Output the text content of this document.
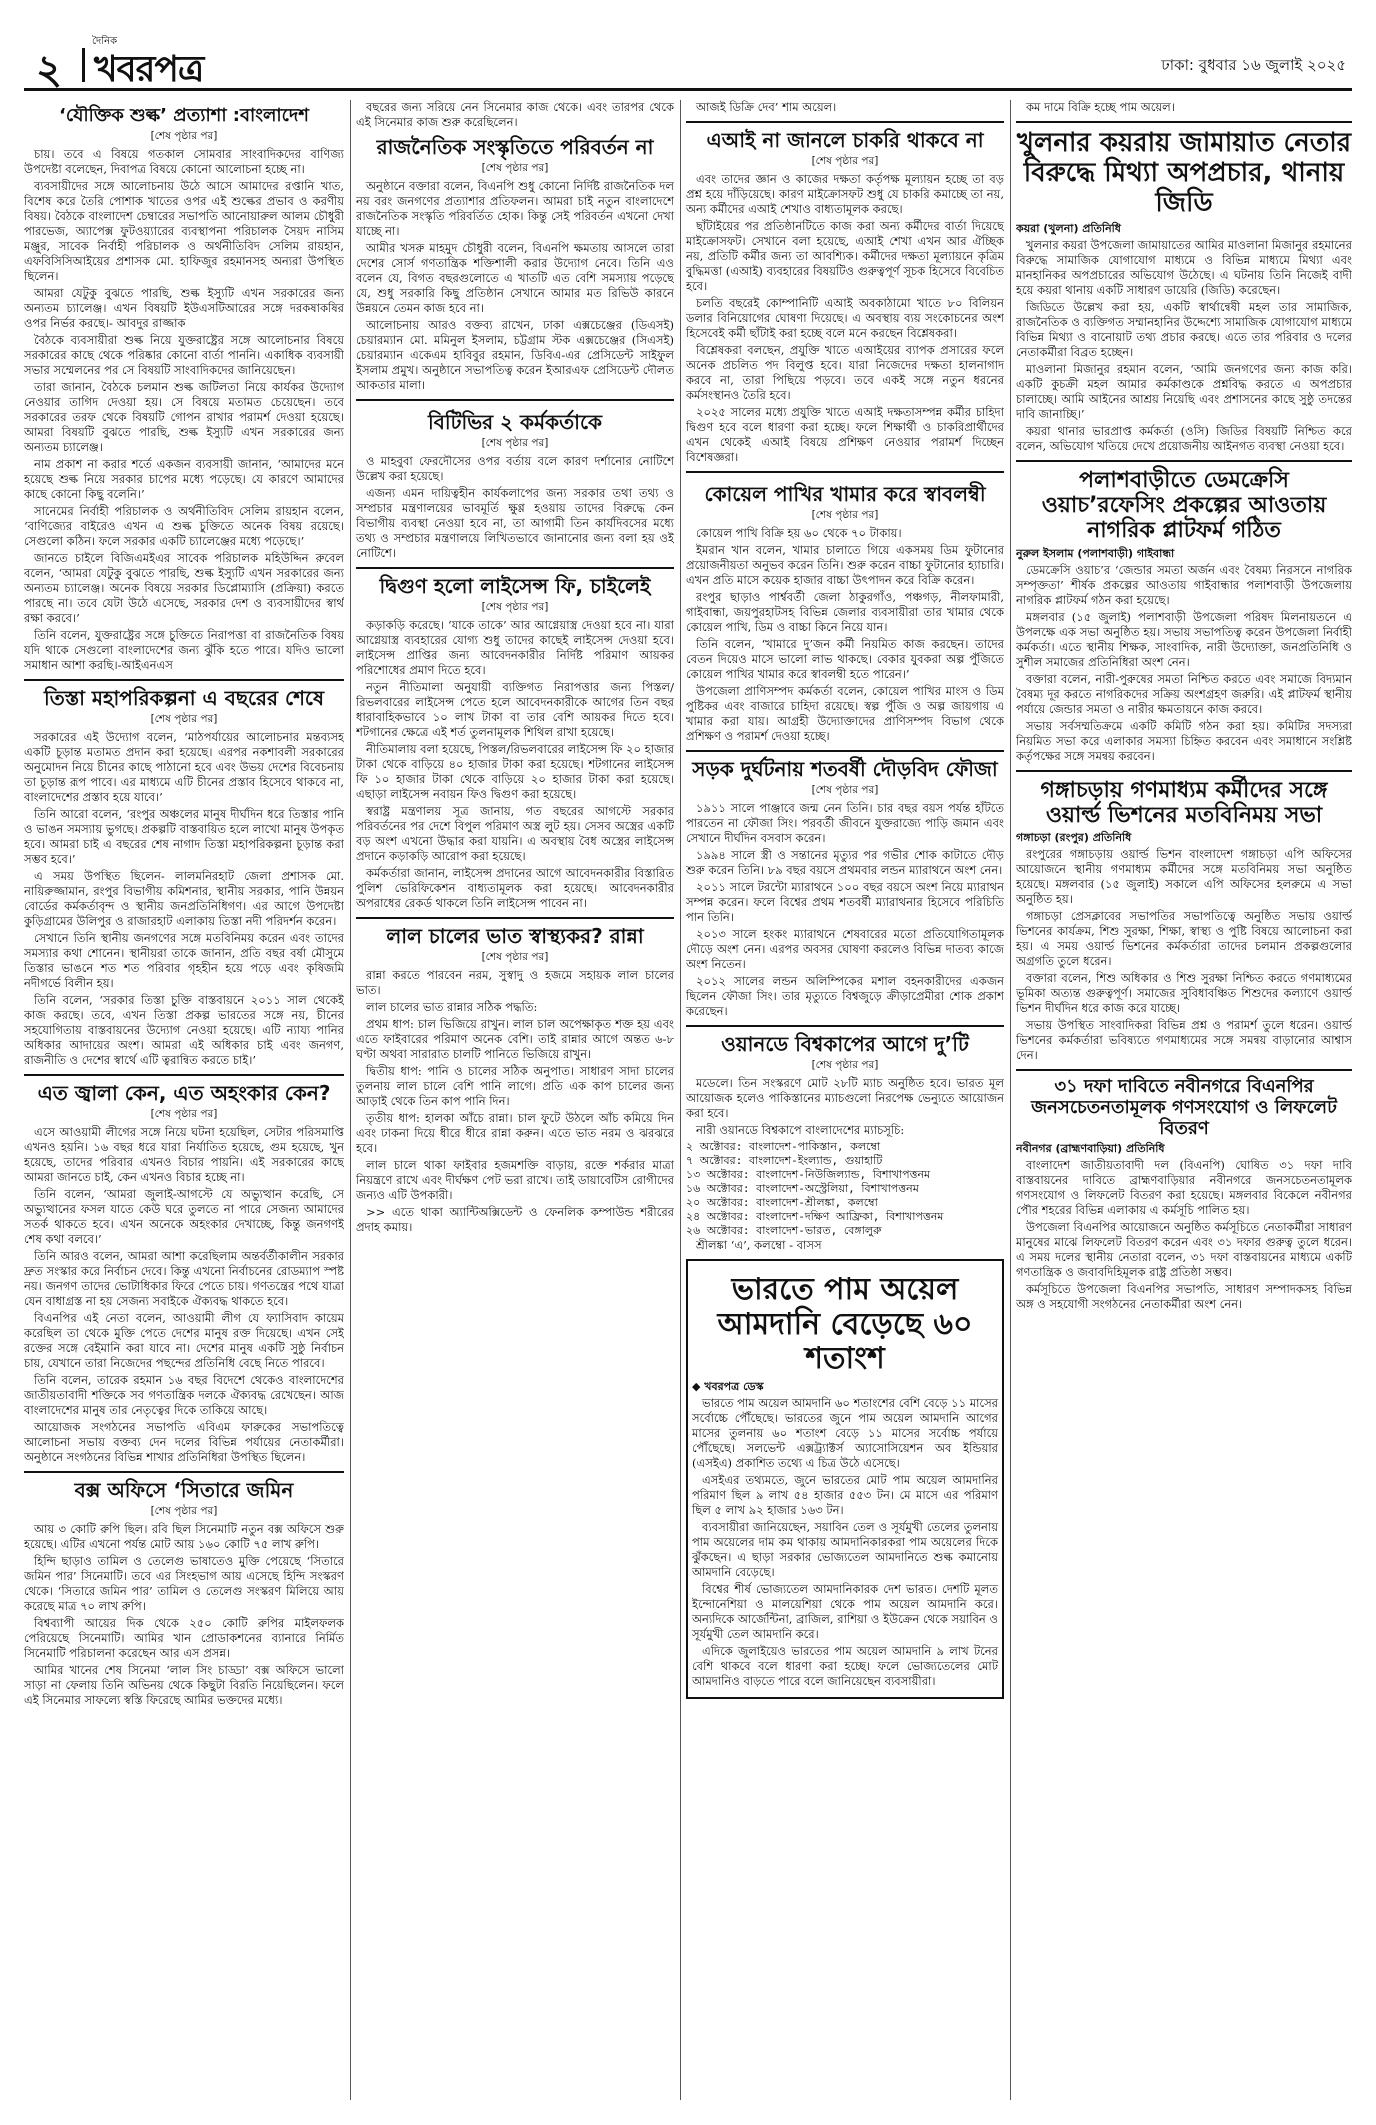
২
দৈনিক
খবরপত্র	ঢাকা: বুধবার ১৬ জুলাই ২০২৫
‘যৌক্তিক শুল্ক’ প্রত্যাশা :বাংলাদেশ
[শেষ পৃষ্ঠার পর]

চায়। তবে এ বিষয়ে গতকাল সোমবার সাংবাদিকদের বাণিজ্য উপদেষ্টা বলেছেন, দিবাপত্র বিষয়ে কোনো আলোচনা হচ্ছে না।

ব্যবসায়ীদের সঙ্গে আলোচনায় উঠে আসে আমাদের রপ্তানি খাত, বিশেষ করে তৈরি পোশাক খাতের ওপর এই শুল্কের প্রভাব ও করণীয় বিষয়। বৈঠকে বাংলাদেশ চেম্বারের সভাপতি আনোয়ারুল আলম চৌধুরী পারভেজ, অ্যাপেক্স ফুটওয়্যারের ব্যবস্থাপনা পরিচালক সৈয়দ নাসিম মঞ্জুর, সাবেক নির্বাহী পরিচালক ও অর্থনীতিবিদ সেলিম রায়হান, এফবিসিসিআইয়ের প্রশাসক মো. হাফিজুর রহমানসহ অন্যরা উপস্থিত ছিলেন।

আমরা যেটুকু বুঝতে পারছি, শুল্ক ইস্যুটি এখন সরকারের জন্য অন্যতম চ্যালেঞ্জ। এখন বিষয়টি ইউএসটিআরের সঙ্গে দরকষাকষির ওপর নির্ভর করছে।- আবদুর রাজ্জাক

বৈঠকে ব্যবসায়ীরা শুল্ক নিয়ে যুক্তরাষ্ট্রের সঙ্গে আলোচনার বিষয়ে সরকারের কাছে থেকে পরিষ্কার কোনো বার্তা পাননি। একাধিক ব্যবসায়ী সভার সম্মেলনের পর সে বিষয়টি সাংবাদিকদের জানিয়েছেন।

তারা জানান, বৈঠকে চলমান শুল্ক জটিলতা নিয়ে কার্যকর উদ্যোগ নেওয়ার তাগিদ দেওয়া হয়। সে বিষয়ে মতামত চেয়েছেন। তবে সরকারের তরফ থেকে বিষয়টি গোপন রাখার পরামর্শ দেওয়া হয়েছে। আমরা বিষয়টি বুঝতে পারছি, শুল্ক ইস্যুটি এখন সরকারের জন্য অন্যতম চ্যালেঞ্জ।

নাম প্রকাশ না করার শর্তে একজন ব্যবসায়ী জানান, ‘আমাদের মনে হয়েছে শুল্ক নিয়ে সরকার চাপের মধ্যে পড়েছে। যে কারণে আমাদের কাছে কোনো কিছু বলেনি।’

সানেমের নির্বাহী পরিচালক ও অর্থনীতিবিদ সেলিম রায়হান বলেন, ‘বাণিজ্যের বাইরেও এখন এ শুল্ক চুক্তিতে অনেক বিষয় রয়েছে। সেগুলো কঠিন। ফলে সরকার একটি চ্যালেঞ্জের মধ্যে পড়েছে।’

জানতে চাইলে বিজিএমইএর সাবেক পরিচালক মহিউদ্দিন রুবেল বলেন, ‘আমরা যেটুকু বুঝতে পারছি, শুল্ক ইস্যুটি এখন সরকারের জন্য অন্যতম চ্যালেঞ্জ। অনেক বিষয়ে সরকার ডিপ্লোম্যাসি (প্রক্রিয়া) করতে পারছে না। তবে যেটা উঠে এসেছে, সরকার দেশ ও ব্যবসায়ীদের স্বার্থ রক্ষা করবে।’

তিনি বলেন, যুক্তরাষ্ট্রের সঙ্গে চুক্তিতে নিরাপত্তা বা রাজনৈতিক বিষয় যদি থাকে সেগুলো বাংলাদেশের জন্য ঝুঁকি হতে পারে। যদিও ভালো সমাধান আশা করছি।-আইএনএস

তিস্তা মহাপরিকল্পনা এ বছরের শেষে
[শেষ পৃষ্ঠার পর]

সরকারের এই উদ্যোগ বলেন, ‘মাঠপর্যায়ের আলোচনার মন্তব্যসহ একটি চূড়ান্ত মতামত প্রদান করা হয়েছে। এরপর নকশাবলী সরকারের অনুমোদন নিয়ে চীনের কাছে পাঠানো হবে এবং উভয় দেশের বিবেচনায় তা চূড়ান্ত রূপ পাবে। এর মাধ্যমে এটি চীনের প্রস্তাব হিসেবে থাকবে না, বাংলাদেশের প্রস্তাব হয়ে যাবে।’

তিনি আরো বলেন, ‘রংপুর অঞ্চলের মানুষ দীর্ঘদিন ধরে তিস্তার পানি ও ভাঙন সমস্যায় ভুগছে। প্রকল্পটি বাস্তবায়িত হলে লাখো মানুষ উপকৃত হবে। আমরা চাই এ বছরের শেষ নাগাদ তিস্তা মহাপরিকল্পনা চূড়ান্ত করা সম্ভব হবে।’

এ সময় উপস্থিত ছিলেন- লালমনিরহাট জেলা প্রশাসক মো. নায়িরুজ্জামান, রংপুর বিভাগীয় কমিশনার, স্থানীয় সরকার, পানি উন্নয়ন বোর্ডের কর্মকর্তাবৃন্দ ও স্থানীয় জনপ্রতিনিধিগণ। এর আগে উপদেষ্টা কুড়িগ্রামের উলিপুর ও রাজারহাট এলাকায় তিস্তা নদী পরিদর্শন করেন।

সেখানে তিনি স্থানীয় জনগণের সঙ্গে মতবিনিময় করেন এবং তাদের সমস্যার কথা শোনেন। স্থানীয়রা তাকে জানান, প্রতি বছর বর্ষা মৌসুমে তিস্তার ভাঙনে শত শত পরিবার গৃহহীন হয়ে পড়ে এবং কৃষিজমি নদীগর্ভে বিলীন হয়।

তিনি বলেন, ‘সরকার তিস্তা চুক্তি বাস্তবায়নে ২০১১ সাল থেকেই কাজ করছে। তবে, এখন তিস্তা প্রকল্প ভারতের সঙ্গে নয়, চীনের সহযোগিতায় বাস্তবায়নের উদ্যোগ নেওয়া হয়েছে। এটি ন্যায্য পানির অধিকার আদায়ের অংশ। আমরা এই অধিকার চাই এবং জনগণ, রাজনীতি ও দেশের স্বার্থে এটি ত্বরান্বিত করতে চাই।’

এত জ্বালা কেন, এত অহংকার কেন?
[শেষ পৃষ্ঠার পর]

এসে আওয়ামী লীগের সঙ্গে নিয়ে ঘটনা হয়েছিল, সেটার পরিসমাপ্তি এখনও হয়নি। ১৬ বছর ধরে যারা নির্যাতিত হয়েছে, গুম হয়েছে, খুন হয়েছে, তাদের পরিবার এখনও বিচার পায়নি। এই সরকারের কাছে আমরা জানতে চাই, কেন এখনও বিচার হচ্ছে না।

তিনি বলেন, ‘আমরা জুলাই-আগস্টে যে অভ্যুত্থান করেছি, সে অভ্যুত্থানের ফসল যাতে কেউ ঘরে তুলতে না পারে সেজন্য আমাদের সতর্ক থাকতে হবে। এখন অনেকে অহংকার দেখাচ্ছে, কিন্তু জনগণই শেষ কথা বলবে।’

তিনি আরও বলেন, আমরা আশা করেছিলাম অন্তর্বর্তীকালীন সরকার দ্রুত সংস্কার করে নির্বাচন দেবে। কিন্তু এখনো নির্বাচনের রোডম্যাপ স্পষ্ট নয়। জনগণ তাদের ভোটাধিকার ফিরে পেতে চায়। গণতন্ত্রের পথে যাত্রা যেন বাধাগ্রস্ত না হয় সেজন্য সবাইকে ঐক্যবদ্ধ থাকতে হবে।

বিএনপির এই নেতা বলেন, আওয়ামী লীগ যে ফ্যাসিবাদ কায়েম করেছিল তা থেকে মুক্তি পেতে দেশের মানুষ রক্ত দিয়েছে। এখন সেই রক্তের সঙ্গে বেইমানি করা যাবে না। দেশের মানুষ একটি সুষ্ঠু নির্বাচন চায়, যেখানে তারা নিজেদের পছন্দের প্রতিনিধি বেছে নিতে পারবে।

তিনি বলেন, তারেক রহমান ১৬ বছর বিদেশে থেকেও বাংলাদেশের জাতীয়তাবাদী শক্তিকে সব গণতান্ত্রিক দলকে ঐক্যবদ্ধ রেখেছেন। আজ বাংলাদেশের মানুষ তার নেতৃত্বের দিকে তাকিয়ে আছে।

আয়োজক সংগঠনের সভাপতি এবিএম ফারুকের সভাপতিত্বে আলোচনা সভায় বক্তব্য দেন দলের বিভিন্ন পর্যায়ের নেতাকর্মীরা। অনুষ্ঠানে সংগঠনের বিভিন্ন শাখার প্রতিনিধিরা উপস্থিত ছিলেন।

বক্স অফিসে ‘সিতারে জমিন
[শেষ পৃষ্ঠার পর]

আয় ৩ কোটি রুপি ছিল। রবি ছিল সিনেমাটি নতুন বক্স অফিসে শুরু হয়েছে। এটির এখনো পর্যন্ত মোট আয় ১৬০ কোটি ৭৫ লাখ রুপি।

হিন্দি ছাড়াও তামিল ও তেলেগু ভাষাতেও মুক্তি পেয়েছে ‘সিতারে জমিন পার’ সিনেমাটি। তবে এর সিংহভাগ আয় এসেছে হিন্দি সংস্করণ থেকে। ‘সিতারে জমিন পার’ তামিল ও তেলেগু সংস্করণ মিলিয়ে আয় করেছে মাত্র ৭০ লাখ রুপি।

বিশ্বব্যাপী আয়ের দিক থেকে ২৫০ কোটি রুপির মাইলফলক পেরিয়েছে সিনেমাটি। আমির খান প্রোডাকশনের ব্যানারে নির্মিত সিনেমাটি পরিচালনা করেছেন আর এস প্রসন্ন।

আমির খানের শেষ সিনেমা ‘লাল সিং চাড্ডা’ বক্স অফিসে ভালো সাড়া না ফেলায় তিনি অভিনয় থেকে কিছুটা বিরতি নিয়েছিলেন। ফলে এই সিনেমার সাফল্যে স্বস্তি ফিরেছে আমির ভক্তদের মধ্যে।

বছরের জন্য সরিয়ে নেন সিনেমার কাজ থেকে। এবং তারপর থেকে এই সিনেমার কাজ শুরু করেছিলেন।

রাজনৈতিক সংস্কৃতিতে পরিবর্তন না
[শেষ পৃষ্ঠার পর]

অনুষ্ঠানে বক্তারা বলেন, বিএনপি শুধু কোনো নির্দিষ্ট রাজনৈতিক দল নয় বরং জনগণের প্রত্যাশার প্রতিফলন। আমরা চাই নতুন বাংলাদেশে রাজনৈতিক সংস্কৃতি পরিবর্তিত হোক। কিন্তু সেই পরিবর্তন এখনো দেখা যাচ্ছে না।

আমীর খসরু মাহমুদ চৌধুরী বলেন, বিএনপি ক্ষমতায় আসলে তারা দেশের সোর্স গণতান্ত্রিক শক্তিশালী করার উদ্যোগ নেবে। তিনি এও বলেন যে, বিগত বছরগুলোতে এ খাতটি এত বেশি সমস্যায় পড়েছে যে, শুধু সরকারি কিছু প্রতিষ্ঠান সেখানে আমার মত রিভিউ কারনে উন্নয়নে তেমন কাজ হবে না।

আলোচনায় আরও বক্তব্য রাখেন, ঢাকা এক্সচেঞ্জের (ডিএসই) চেয়ারম্যান মো. মমিনুল ইসলাম, চট্টগ্রাম স্টক এক্সচেঞ্জের (সিএসই) চেয়ারম্যান একেএম হাবিবুর রহমান, ডিবিএ-এর প্রেসিডেন্ট সাইফুল ইসলাম প্রমুখ। অনুষ্ঠানে সভাপতিত্ব করেন ইআরএফ প্রেসিডেন্ট দৌলত আকতার মালা।

বিটিভির ২ কর্মকর্তাকে
[শেষ পৃষ্ঠার পর]

ও মাহবুবা ফেরদৌসের ওপর বর্তায় বলে কারণ দর্শানোর নোটিশে উল্লেখ করা হয়েছে।

এজন্য এমন দায়িত্বহীন কার্যকলাপের জন্য সরকার তথা তথ্য ও সম্প্রচার মন্ত্রণালয়ের ভাবমূর্তি ক্ষুণ্ণ হওয়ায় তাদের বিরুদ্ধে কেন বিভাগীয় ব্যবস্থা নেওয়া হবে না, তা আগামী তিন কার্যদিবসের মধ্যে তথ্য ও সম্প্রচার মন্ত্রণালয়ে লিখিতভাবে জানানোর জন্য বলা হয় ওই নোটিশে।

দ্বিগুণ হলো লাইসেন্স ফি, চাইলেই
[শেষ পৃষ্ঠার পর]

কড়াকড়ি করেছে। ‘যাকে তাকে’ আর আগ্নেয়াস্ত্র দেওয়া হবে না। যারা আগ্নেয়াস্ত্র ব্যবহারের যোগ্য শুধু তাদের কাছেই লাইসেন্স দেওয়া হবে। লাইসেন্স প্রাপ্তির জন্য আবেদনকারীর নির্দিষ্ট পরিমাণ আয়কর পরিশোধের প্রমাণ দিতে হবে।

নতুন নীতিমালা অনুযায়ী ব্যক্তিগত নিরাপত্তার জন্য পিস্তল/রিভলবারের লাইসেন্স পেতে হলে আবেদনকারীকে আগের তিন বছর ধারাবাহিকভাবে ১০ লাখ টাকা বা তার বেশি আয়কর দিতে হবে। শটগানের ক্ষেত্রে এই শর্ত তুলনামূলক শিথিল রাখা হয়েছে।

নীতিমালায় বলা হয়েছে, পিস্তল/রিভলবারের লাইসেন্স ফি ২০ হাজার টাকা থেকে বাড়িয়ে ৪০ হাজার টাকা করা হয়েছে। শটগানের লাইসেন্স ফি ১০ হাজার টাকা থেকে বাড়িয়ে ২০ হাজার টাকা করা হয়েছে। এছাড়া লাইসেন্স নবায়ন ফিও দ্বিগুণ করা হয়েছে।

স্বরাষ্ট্র মন্ত্রণালয় সূত্র জানায়, গত বছরের আগস্টে সরকার পরিবর্তনের পর দেশে বিপুল পরিমাণ অস্ত্র লুট হয়। সেসব অস্ত্রের একটি বড় অংশ এখনো উদ্ধার করা যায়নি। এ অবস্থায় বৈধ অস্ত্রের লাইসেন্স প্রদানে কড়াকড়ি আরোপ করা হয়েছে।

কর্মকর্তারা জানান, লাইসেন্স প্রদানের আগে আবেদনকারীর বিস্তারিত পুলিশ ভেরিফিকেশন বাধ্যতামূলক করা হয়েছে। আবেদনকারীর অপরাধের রেকর্ড থাকলে তিনি লাইসেন্স পাবেন না।

লাল চালের ভাত স্বাস্থ্যকর? রান্না
[শেষ পৃষ্ঠার পর]

রান্না করতে পারবেন নরম, সুস্বাদু ও হজমে সহায়ক লাল চালের ভাত।

লাল চালের ভাত রান্নার সঠিক পদ্ধতি:

প্রথম ধাপ: চাল ভিজিয়ে রাখুন। লাল চাল অপেক্ষাকৃত শক্ত হয় এবং এতে ফাইবারের পরিমাণ অনেক বেশি। তাই রান্নার আগে অন্তত ৬-৮ ঘণ্টা অথবা সারারাত চালটি পানিতে ভিজিয়ে রাখুন।

দ্বিতীয় ধাপ: পানি ও চালের সঠিক অনুপাত। সাধারণ সাদা চালের তুলনায় লাল চালে বেশি পানি লাগে। প্রতি এক কাপ চালের জন্য আড়াই থেকে তিন কাপ পানি দিন।

তৃতীয় ধাপ: হালকা আঁচে রান্না। চাল ফুটে উঠলে আঁচ কমিয়ে দিন এবং ঢাকনা দিয়ে ধীরে ধীরে রান্না করুন। এতে ভাত নরম ও ঝরঝরে হবে।

লাল চালে থাকা ফাইবার হজমশক্তি বাড়ায়, রক্তে শর্করার মাত্রা নিয়ন্ত্রণে রাখে এবং দীর্ঘক্ষণ পেট ভরা রাখে। তাই ডায়াবেটিস রোগীদের জন্যও এটি উপকারী।

>> এতে থাকা অ্যান্টিঅক্সিডেন্ট ও ফেনলিক কম্পাউন্ড শরীরের প্রদাহ কমায়।

আজই ডিক্রি দেব’ শাম অয়েল।

এআই না জানলে চাকরি থাকবে না
[শেষ পৃষ্ঠার পর]

এবং তাদের জ্ঞান ও কাজের দক্ষতা কর্তৃপক্ষ মূল্যায়ন হচ্ছে তা বড় প্রশ্ন হয়ে দাঁড়িয়েছে। কারণ মাইক্রোসফট শুধু যে চাকরি কমাচ্ছে তা নয়, অন্য কর্মীদের এআই শেখাও বাধ্যতামূলক করছে।

ছাঁটাইয়ের পর প্রতিষ্ঠানটিতে কাজ করা অন্য কর্মীদের বার্তা দিয়েছে মাইক্রোসফট। সেখানে বলা হয়েছে, এআই শেখা এখন আর ঐচ্ছিক নয়, প্রতিটি কর্মীর জন্য তা আবশ্যিক। কর্মীদের দক্ষতা মূল্যায়নে কৃত্রিম বুদ্ধিমত্তা (এআই) ব্যবহারের বিষয়টিও গুরুত্বপূর্ণ সূচক হিসেবে বিবেচিত হবে।

চলতি বছরেই কোম্পানিটি এআই অবকাঠামো খাতে ৮০ বিলিয়ন ডলার বিনিয়োগের ঘোষণা দিয়েছে। এ অবস্থায় ব্যয় সংকোচনের অংশ হিসেবেই কর্মী ছাঁটাই করা হচ্ছে বলে মনে করছেন বিশ্লেষকরা।

বিশ্লেষকরা বলছেন, প্রযুক্তি খাতে এআইয়ের ব্যাপক প্রসারের ফলে অনেক প্রচলিত পদ বিলুপ্ত হবে। যারা নিজেদের দক্ষতা হালনাগাদ করবে না, তারা পিছিয়ে পড়বে। তবে একই সঙ্গে নতুন ধরনের কর্মসংস্থানও তৈরি হবে।

২০২৫ সালের মধ্যে প্রযুক্তি খাতে এআই দক্ষতাসম্পন্ন কর্মীর চাহিদা দ্বিগুণ হবে বলে ধারণা করা হচ্ছে। ফলে শিক্ষার্থী ও চাকরিপ্রার্থীদের এখন থেকেই এআই বিষয়ে প্রশিক্ষণ নেওয়ার পরামর্শ দিচ্ছেন বিশেষজ্ঞরা।

কোয়েল পাখির খামার করে স্বাবলম্বী
[শেষ পৃষ্ঠার পর]

কোয়েল পাখি বিক্রি হয় ৬০ থেকে ৭০ টাকায়।

ইমরান খান বলেন, খামার চালাতে গিয়ে একসময় ডিম ফুটানোর প্রয়োজনীয়তা অনুভব করেন তিনি। শুরু করেন বাচ্চা ফুটানোর হ্যাচারি। এখন প্রতি মাসে কয়েক হাজার বাচ্চা উৎপাদন করে বিক্রি করেন।

রংপুর ছাড়াও পার্শ্ববর্তী জেলা ঠাকুরগাঁও, পঞ্চগড়, নীলফামারী, গাইবান্ধা, জয়পুরহাটসহ বিভিন্ন জেলার ব্যবসায়ীরা তার খামার থেকে কোয়েল পাখি, ডিম ও বাচ্চা কিনে নিয়ে যান।

তিনি বলেন, ‘খামারে দু’জন কর্মী নিয়মিত কাজ করছেন। তাদের বেতন দিয়েও মাসে ভালো লাভ থাকছে। বেকার যুবকরা অল্প পুঁজিতে কোয়েল পাখির খামার করে স্বাবলম্বী হতে পারেন।’

উপজেলা প্রাণিসম্পদ কর্মকর্তা বলেন, কোয়েল পাখির মাংস ও ডিম পুষ্টিকর এবং বাজারে চাহিদা রয়েছে। স্বল্প পুঁজি ও অল্প জায়গায় এ খামার করা যায়। আগ্রহী উদ্যোক্তাদের প্রাণিসম্পদ বিভাগ থেকে প্রশিক্ষণ ও পরামর্শ দেওয়া হচ্ছে।

সড়ক দুর্ঘটনায় শতবর্ষী দৌড়বিদ ফৌজা
[শেষ পৃষ্ঠার পর]

১৯১১ সালে পাঞ্জাবে জন্ম নেন তিনি। চার বছর বয়স পর্যন্ত হাঁটতে পারতেন না ফৌজা সিং। পরবর্তী জীবনে যুক্তরাজ্যে পাড়ি জমান এবং সেখানে দীর্ঘদিন বসবাস করেন।

১৯৯৪ সালে স্ত্রী ও সন্তানের মৃত্যুর পর গভীর শোক কাটাতে দৌড় শুরু করেন তিনি। ৮৯ বছর বয়সে প্রথমবার লন্ডন ম্যারাথনে অংশ নেন।

২০১১ সালে টরন্টো ম্যারাথনে ১০০ বছর বয়সে অংশ নিয়ে ম্যারাথন সম্পন্ন করেন। ফলে বিশ্বের প্রথম শতবর্ষী ম্যারাথনার হিসেবে পরিচিতি পান তিনি।

২০১৩ সালে হংকং ম্যারাথনে শেষবারের মতো প্রতিযোগিতামূলক দৌড়ে অংশ নেন। এরপর অবসর ঘোষণা করলেও বিভিন্ন দাতব্য কাজে অংশ নিতেন।

২০১২ সালের লন্ডন অলিম্পিকের মশাল বহনকারীদের একজন ছিলেন ফৌজা সিং। তার মৃত্যুতে বিশ্বজুড়ে ক্রীড়াপ্রেমীরা শোক প্রকাশ করেছেন।

ওয়ানডে বিশ্বকাপের আগে দু’টি
[শেষ পৃষ্ঠার পর]

মডেলে। তিন সংস্করণে মোট ২৮টি ম্যাচ অনুষ্ঠিত হবে। ভারত মূল আয়োজক হলেও পাকিস্তানের ম্যাচগুলো নিরপেক্ষ ভেন্যুতে আয়োজন করা হবে।

নারী ওয়ানডে বিশ্বকাপে বাংলাদেশের ম্যাচসূচি:

২ অক্টোবর: বাংলাদেশ-পাকিস্তান, কলম্বো
৭ অক্টোবর: বাংলাদেশ-ইংল্যান্ড, গুয়াহাটি
১৩ অক্টোবর: বাংলাদেশ-নিউজিল্যান্ড, বিশাখাপত্তনম
১৬ অক্টোবর: বাংলাদেশ-অস্ট্রেলিয়া, বিশাখাপত্তনম
২০ অক্টোবর: বাংলাদেশ-শ্রীলঙ্কা, কলম্বো
২৪ অক্টোবর: বাংলাদেশ-দক্ষিণ আফ্রিকা, বিশাখাপত্তনম
২৬ অক্টোবর: বাংলাদেশ-ভারত, বেঙ্গালুরু

শ্রীলঙ্কা ‘এ’, কলম্বো - বাসস

ভারতে পাম অয়েল আমদানি বেড়েছে ৬০ শতাংশ
◆ খবরপত্র ডেস্ক

ভারতে পাম অয়েল আমদানি ৬০ শতাংশের বেশি বেড়ে ১১ মাসের সর্বোচ্চে পৌঁছেছে। ভারতের জুনে পাম অয়েল আমদানি আগের মাসের তুলনায় ৬০ শতাংশ বেড়ে ১১ মাসের সর্বোচ্চ পর্যায়ে পৌঁছেছে। সলভেন্ট এক্সট্র্যাক্টর্স অ্যাসোসিয়েশন অব ইন্ডিয়ার (এসইএ) প্রকাশিত তথ্যে এ চিত্র উঠে এসেছে।

এসইএর তথ্যমতে, জুনে ভারতের মোট পাম অয়েল আমদানির পরিমাণ ছিল ৯ লাখ ৫৪ হাজার ৫৫৩ টন। মে মাসে এর পরিমাণ ছিল ৫ লাখ ৯২ হাজার ১৬৩ টন।

ব্যবসায়ীরা জানিয়েছেন, সয়াবিন তেল ও সূর্যমুখী তেলের তুলনায় পাম অয়েলের দাম কম থাকায় আমদানিকারকরা পাম অয়েলের দিকে ঝুঁকছেন। এ ছাড়া সরকার ভোজ্যতেল আমদানিতে শুল্ক কমানোয় আমদানি বেড়েছে।

বিশ্বের শীর্ষ ভোজ্যতেল আমদানিকারক দেশ ভারত। দেশটি মূলত ইন্দোনেশিয়া ও মালয়েশিয়া থেকে পাম অয়েল আমদানি করে। অন্যদিকে আর্জেন্টিনা, ব্রাজিল, রাশিয়া ও ইউক্রেন থেকে সয়াবিন ও সূর্যমুখী তেল আমদানি করে।

এদিকে জুলাইয়েও ভারতের পাম অয়েল আমদানি ৯ লাখ টনের বেশি থাকবে বলে ধারণা করা হচ্ছে। ফলে ভোজ্যতেলের মোট আমদানিও বাড়তে পারে বলে জানিয়েছেন ব্যবসায়ীরা।

কম দামে বিক্রি হচ্ছে পাম অয়েল।

খুলনার কয়রায় জামায়াত নেতার বিরুদ্ধে মিথ্যা অপপ্রচার, থানায় জিডি
কয়রা (খুলনা) প্রতিনিধি

খুলনার কয়রা উপজেলা জামায়াতের আমির মাওলানা মিজানুর রহমানের বিরুদ্ধে সামাজিক যোগাযোগ মাধ্যমে ও বিভিন্ন মাধ্যমে মিথ্যা এবং মানহানিকর অপপ্রচারের অভিযোগ উঠেছে। এ ঘটনায় তিনি নিজেই বাদী হয়ে কয়রা থানায় একটি সাধারণ ডায়েরি (জিডি) করেছেন।

জিডিতে উল্লেখ করা হয়, একটি স্বার্থান্বেষী মহল তার সামাজিক, রাজনৈতিক ও ব্যক্তিগত সম্মানহানির উদ্দেশ্যে সামাজিক যোগাযোগ মাধ্যমে বিভিন্ন মিথ্যা ও বানোয়াট তথ্য প্রচার করছে। এতে তার পরিবার ও দলের নেতাকর্মীরা বিব্রত হচ্ছেন।

মাওলানা মিজানুর রহমান বলেন, ‘আমি জনগণের জন্য কাজ করি। একটি কুচক্রী মহল আমার কর্মকাণ্ডকে প্রশ্নবিদ্ধ করতে এ অপপ্রচার চালাচ্ছে। আমি আইনের আশ্রয় নিয়েছি এবং প্রশাসনের কাছে সুষ্ঠু তদন্তের দাবি জানাচ্ছি।’

কয়রা থানার ভারপ্রাপ্ত কর্মকর্তা (ওসি) জিডির বিষয়টি নিশ্চিত করে বলেন, অভিযোগ খতিয়ে দেখে প্রয়োজনীয় আইনগত ব্যবস্থা নেওয়া হবে।

পলাশবাড়ীতে ডেমক্রেসি ওয়াচ’রফেসিং প্রকল্পের আওতায় নাগরিক প্লাটফর্ম গঠিত
নুরুল ইসলাম (পলাশবাড়ী) গাইবান্ধা

ডেমক্রেসি ওয়াচ’র ‘জেন্ডার সমতা অর্জন এবং বৈষম্য নিরসনে নাগরিক সম্পৃক্ততা’ শীর্ষক প্রকল্পের আওতায় গাইবান্ধার পলাশবাড়ী উপজেলায় নাগরিক প্লাটফর্ম গঠন করা হয়েছে।

মঙ্গলবার (১৫ জুলাই) পলাশবাড়ী উপজেলা পরিষদ মিলনায়তনে এ উপলক্ষে এক সভা অনুষ্ঠিত হয়। সভায় সভাপতিত্ব করেন উপজেলা নির্বাহী কর্মকর্তা। এতে স্থানীয় শিক্ষক, সাংবাদিক, নারী উদ্যোক্তা, জনপ্রতিনিধি ও সুশীল সমাজের প্রতিনিধিরা অংশ নেন।

বক্তারা বলেন, নারী-পুরুষের সমতা নিশ্চিত করতে এবং সমাজে বিদ্যমান বৈষম্য দূর করতে নাগরিকদের সক্রিয় অংশগ্রহণ জরুরি। এই প্লাটফর্ম স্থানীয় পর্যায়ে জেন্ডার সমতা ও নারীর ক্ষমতায়নে কাজ করবে।

সভায় সর্বসম্মতিক্রমে একটি কমিটি গঠন করা হয়। কমিটির সদস্যরা নিয়মিত সভা করে এলাকার সমস্যা চিহ্নিত করবেন এবং সমাধানে সংশ্লিষ্ট কর্তৃপক্ষের সঙ্গে সমন্বয় করবেন।

গঙ্গাচড়ায় গণমাধ্যম কর্মীদের সঙ্গে ওয়ার্ল্ড ভিশনের মতবিনিময় সভা
গঙ্গাচড়া (রংপুর) প্রতিনিধি

রংপুরের গঙ্গাচড়ায় ওয়ার্ল্ড ভিশন বাংলাদেশ গঙ্গাচড়া এপি অফিসের আয়োজনে স্থানীয় গণমাধ্যম কর্মীদের সঙ্গে মতবিনিময় সভা অনুষ্ঠিত হয়েছে। মঙ্গলবার (১৫ জুলাই) সকালে এপি অফিসের হলরুমে এ সভা অনুষ্ঠিত হয়।

গঙ্গাচড়া প্রেসক্লাবের সভাপতির সভাপতিত্বে অনুষ্ঠিত সভায় ওয়ার্ল্ড ভিশনের কার্যক্রম, শিশু সুরক্ষা, শিক্ষা, স্বাস্থ্য ও পুষ্টি বিষয়ে আলোচনা করা হয়। এ সময় ওয়ার্ল্ড ভিশনের কর্মকর্তারা তাদের চলমান প্রকল্পগুলোর অগ্রগতি তুলে ধরেন।

বক্তারা বলেন, শিশু অধিকার ও শিশু সুরক্ষা নিশ্চিত করতে গণমাধ্যমের ভূমিকা অত্যন্ত গুরুত্বপূর্ণ। সমাজের সুবিধাবঞ্চিত শিশুদের কল্যাণে ওয়ার্ল্ড ভিশন দীর্ঘদিন ধরে কাজ করে যাচ্ছে।

সভায় উপস্থিত সাংবাদিকরা বিভিন্ন প্রশ্ন ও পরামর্শ তুলে ধরেন। ওয়ার্ল্ড ভিশনের কর্মকর্তারা ভবিষ্যতে গণমাধ্যমের সঙ্গে সমন্বয় বাড়ানোর আশ্বাস দেন।

৩১ দফা দাবিতে নবীনগরে বিএনপির জনসচেতনতামূলক গণসংযোগ ও লিফলেট বিতরণ
নবীনগর (ব্রাহ্মণবাড়িয়া) প্রতিনিধি

বাংলাদেশ জাতীয়তাবাদী দল (বিএনপি) ঘোষিত ৩১ দফা দাবি বাস্তবায়নের দাবিতে ব্রাহ্মণবাড়িয়ার নবীনগরে জনসচেতনতামূলক গণসংযোগ ও লিফলেট বিতরণ করা হয়েছে। মঙ্গলবার বিকেলে নবীনগর পৌর শহরের বিভিন্ন এলাকায় এ কর্মসূচি পালিত হয়।

উপজেলা বিএনপির আয়োজনে অনুষ্ঠিত কর্মসূচিতে নেতাকর্মীরা সাধারণ মানুষের মাঝে লিফলেট বিতরণ করেন এবং ৩১ দফার গুরুত্ব তুলে ধরেন। এ সময় দলের স্থানীয় নেতারা বলেন, ৩১ দফা বাস্তবায়নের মাধ্যমে একটি গণতান্ত্রিক ও জবাবদিহিমূলক রাষ্ট্র প্রতিষ্ঠা সম্ভব।

কর্মসূচিতে উপজেলা বিএনপির সভাপতি, সাধারণ সম্পাদকসহ বিভিন্ন অঙ্গ ও সহযোগী সংগঠনের নেতাকর্মীরা অংশ নেন।
